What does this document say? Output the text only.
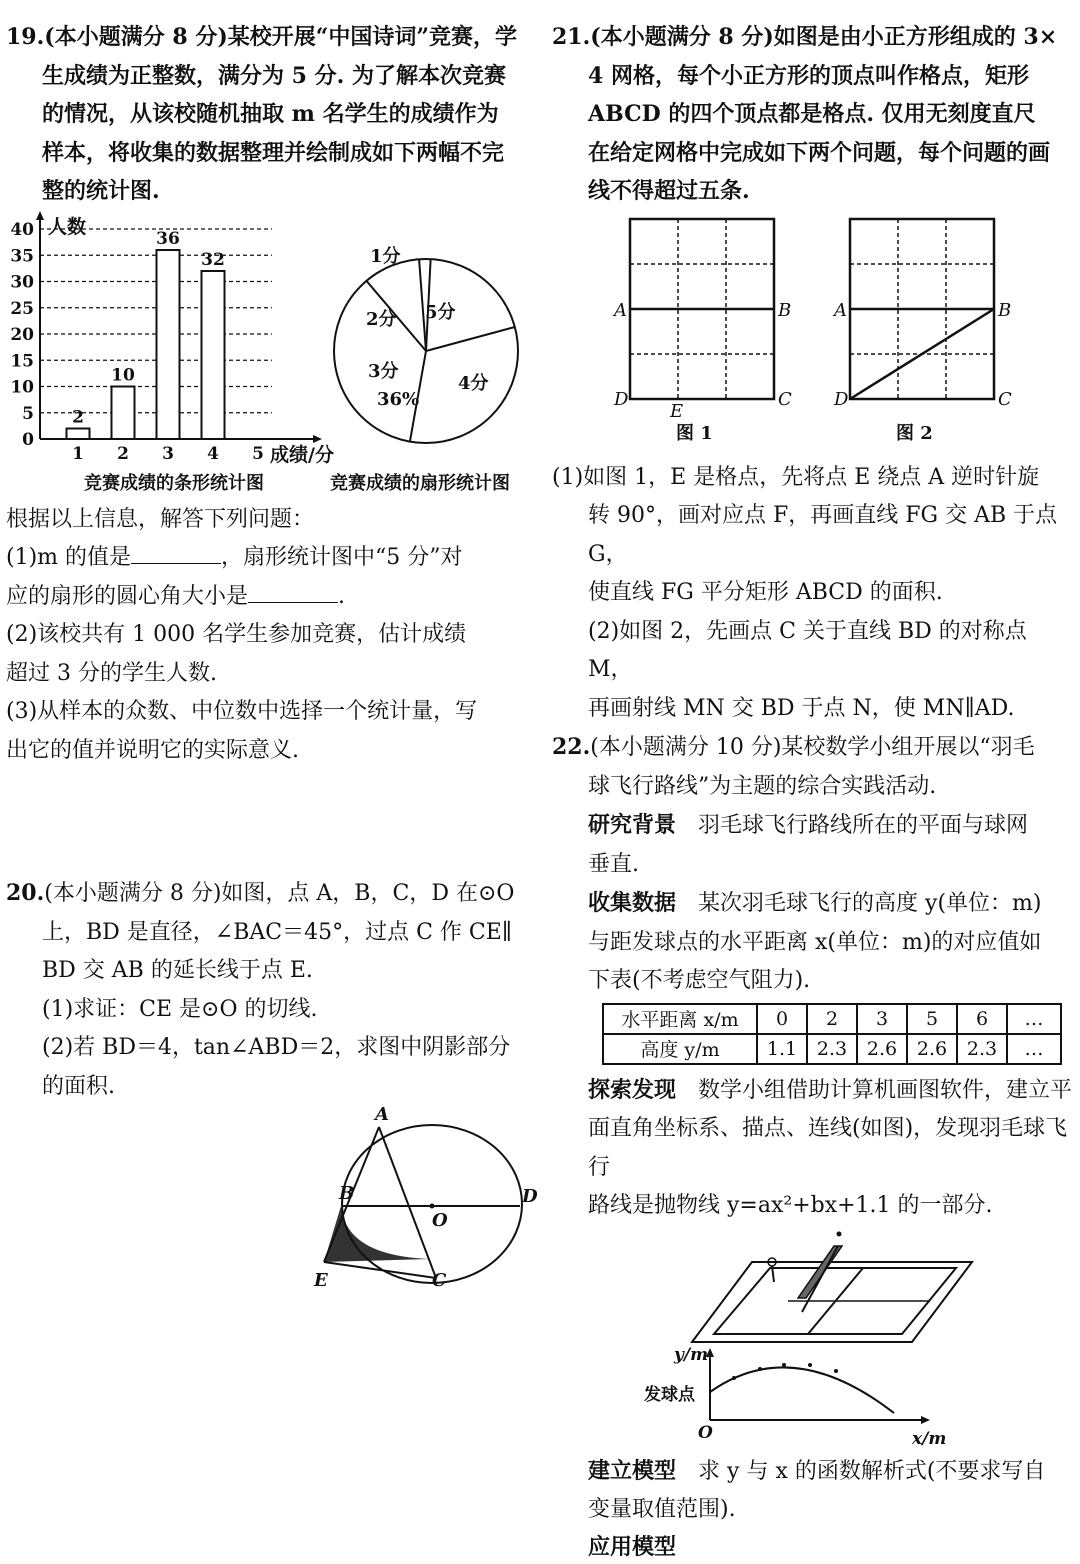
19.(本小题满分 8 分)某校开展“中国诗词”竞赛，学

生成绩为正整数，满分为 5 分. 为了解本次竞赛

的情况，从该校随机抽取 m 名学生的成绩作为

样本，将收集的数据整理并绘制成如下两幅不完

整的统计图.

人数
0
5
10
15
20
25
30
35
40
2
10
36
32
1 2 3 4 5 成绩/分
竞赛成绩的条形统计图
1分
2分 5分
3分
36%
4分
竞赛成绩的扇形统计图

根据以上信息，解答下列问题：

(1)m 的值是	，扇形统计图中“5 分”对

应的扇形的圆心角大小是	.

(2)该校共有 1 000 名学生参加竞赛，估计成绩

超过 3 分的学生人数.

(3)从样本的众数、中位数中选择一个统计量，写

出它的值并说明它的实际意义.

20.(本小题满分 8 分)如图，点 A，B，C，D 在⊙O

上，BD 是直径，∠BAC＝45°，过点 C 作 CE∥

BD 交 AB 的延长线于点 E.

(1)求证：CE 是⊙O 的切线.

(2)若 BD＝4，tan∠ABD＝2，求图中阴影部分

的面积.

A
B
O
D
E	C

21.(本小题满分 8 分)如图是由小正方形组成的 3×

4 网格，每个小正方形的顶点叫作格点，矩形

ABCD 的四个顶点都是格点. 仅用无刻度直尺

在给定网格中完成如下两个问题，每个问题的画

线不得超过五条.

A	B
C
D
E
图 1
A	B
C
D
图 2

(1)如图 1，E 是格点，先将点 E 绕点 A 逆时针旋

转 90°，画对应点 F，再画直线 FG 交 AB 于点 G，

使直线 FG 平分矩形 ABCD 的面积.

(2)如图 2，先画点 C 关于直线 BD 的对称点 M，

再画射线 MN 交 BD 于点 N，使 MN∥AD.

22.(本小题满分 10 分)某校数学小组开展以“羽毛

球飞行路线”为主题的综合实践活动.

研究背景　 羽毛球飞行路线所在的平面与球网

垂直.

收集数据　 某次羽毛球飞行的高度 y(单位：m)

与距发球点的水平距离 x(单位：m)的对应值如

下表(不考虑空气阻力).

水平距离 x/m	0	2	3	5	6	…
高度 y/m	1.1	2.3	2.6	2.6	2.3	…

探索发现　 数学小组借助计算机画图软件，建立平

面直角坐标系、描点、连线(如图)，发现羽毛球飞行

路线是抛物线 y=ax²+bx+1.1 的一部分.

y/m
发球点
O	x/m

建立模型　 求 y 与 x 的函数解析式(不要求写自

变量取值范围).

应用模型
